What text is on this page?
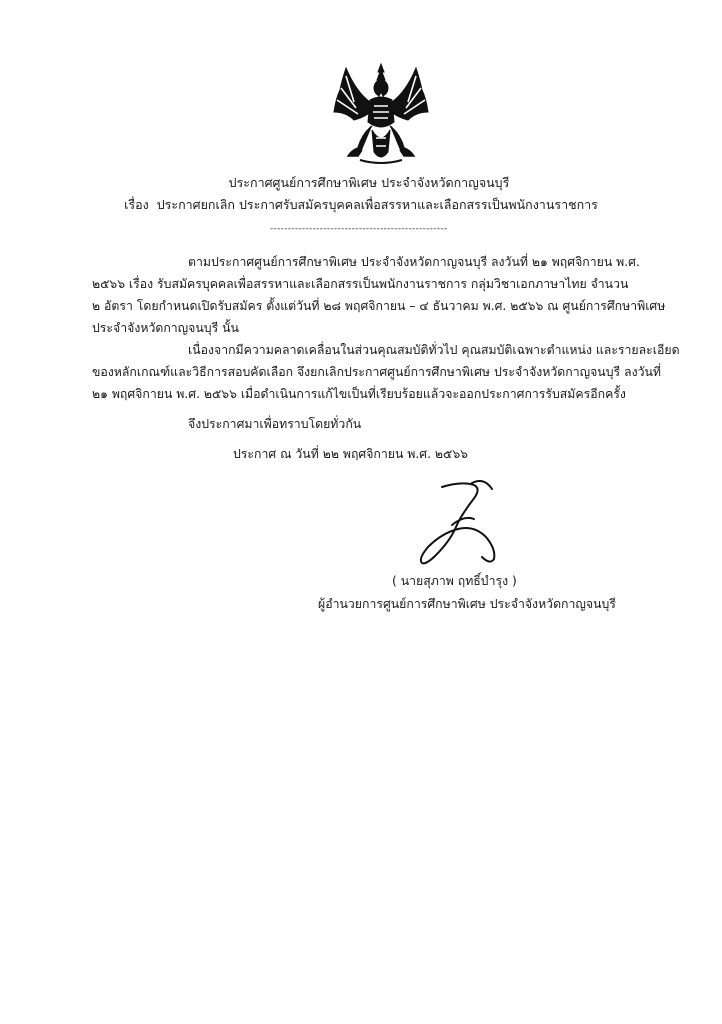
ประกาศศูนย์การศึกษาพิเศษ ประจำจังหวัดกาญจนบุรี
เรื่อง ประกาศยกเลิก ประกาศรับสมัครบุคคลเพื่อสรรหาและเลือกสรรเป็นพนักงานราชการ
--------------------------------------------------
ตามประกาศศูนย์การศึกษาพิเศษ ประจำจังหวัดกาญจนบุรี ลงวันที่ ๒๑ พฤศจิกายน พ.ศ.
๒๕๖๖ เรื่อง รับสมัครบุคคลเพื่อสรรหาและเลือกสรรเป็นพนักงานราชการ กลุ่มวิชาเอกภาษาไทย จำนวน
๒ อัตรา โดยกำหนดเปิดรับสมัคร ตั้งแต่วันที่ ๒๘ พฤศจิกายน – ๔ ธันวาคม พ.ศ. ๒๕๖๖ ณ ศูนย์การศึกษาพิเศษ
ประจำจังหวัดกาญจนบุรี นั้น
เนื่องจากมีความคลาดเคลื่อนในส่วนคุณสมบัติทั่วไป คุณสมบัติเฉพาะตำแหน่ง และรายละเอียด
ของหลักเกณฑ์และวิธีการสอบคัดเลือก จึงยกเลิกประกาศศูนย์การศึกษาพิเศษ ประจำจังหวัดกาญจนบุรี ลงวันที่
๒๑ พฤศจิกายน พ.ศ. ๒๕๖๖ เมื่อดำเนินการแก้ไขเป็นที่เรียบร้อยแล้วจะออกประกาศการรับสมัครอีกครั้ง
จึงประกาศมาเพื่อทราบโดยทั่วกัน
ประกาศ ณ วันที่ ๒๒ พฤศจิกายน พ.ศ. ๒๕๖๖
( นายสุภาพ ฤทธิ์บำรุง )
ผู้อำนวยการศูนย์การศึกษาพิเศษ ประจำจังหวัดกาญจนบุรี
